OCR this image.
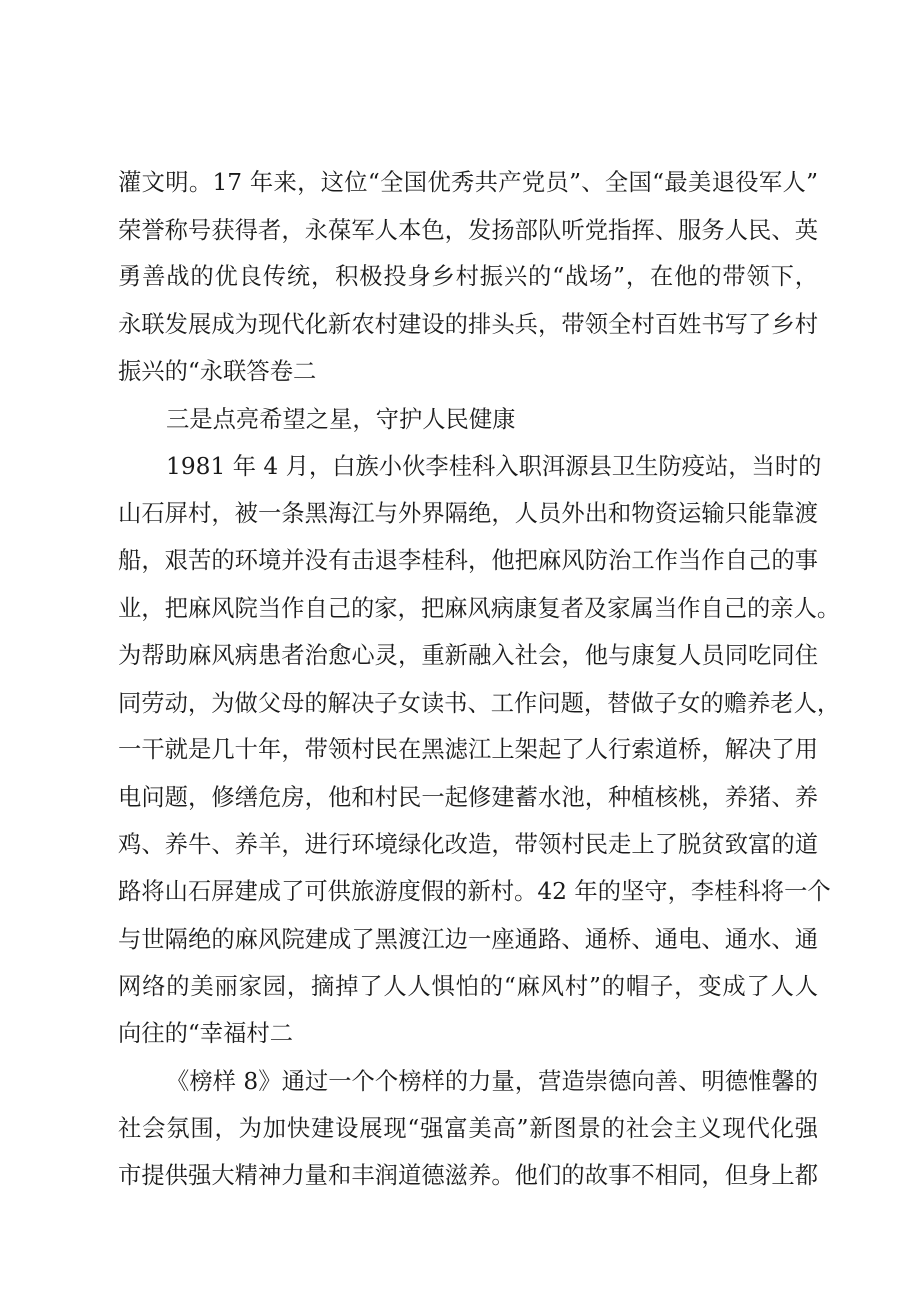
灌文明。17 年来，这位“全国优秀共产党员”、全国“最美退役军人”
荣誉称号获得者，永葆军人本色，发扬部队听党指挥、服务人民、英
勇善战的优良传统，积极投身乡村振兴的“战场”，在他的带领下，
永联发展成为现代化新农村建设的排头兵，带领全村百姓书写了乡村
振兴的“永联答卷二
三是点亮希望之星，守护人民健康
1981 年 4 月，白族小伙李桂科入职洱源县卫生防疫站，当时的
山石屏村，被一条黑海江与外界隔绝，人员外出和物资运输只能靠渡
船，艰苦的环境并没有击退李桂科，他把麻风防治工作当作自己的事
业，把麻风院当作自己的家，把麻风病康复者及家属当作自己的亲人。
为帮助麻风病患者治愈心灵，重新融入社会，他与康复人员同吃同住
同劳动，为做父母的解决子女读书、工作问题，替做子女的赡养老人，
一干就是几十年，带领村民在黑滤江上架起了人行索道桥，解决了用
电问题，修缮危房，他和村民一起修建蓄水池，种植核桃，养猪、养
鸡、养牛、养羊，进行环境绿化改造，带领村民走上了脱贫致富的道
路将山石屏建成了可供旅游度假的新村。42 年的坚守，李桂科将一个
与世隔绝的麻风院建成了黑渡江边一座通路、通桥、通电、通水、通
网络的美丽家园，摘掉了人人惧怕的“麻风村”的帽子，变成了人人
向往的“幸福村二
《榜样 8》通过一个个榜样的力量，营造崇德向善、明德惟馨的
社会氛围，为加快建设展现“强富美高”新图景的社会主义现代化强
市提供强大精神力量和丰润道德滋养。他们的故事不相同，但身上都
